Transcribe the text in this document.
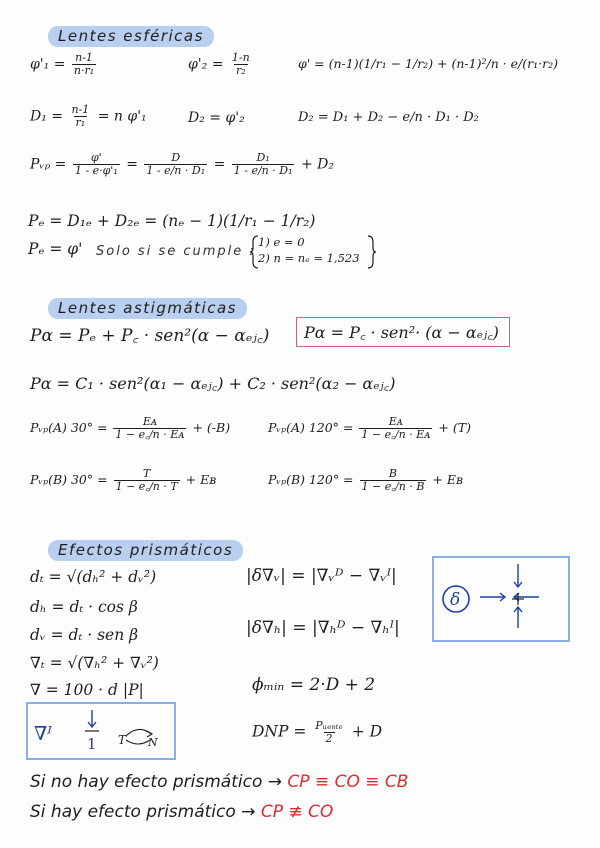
Lentes esféricas
$\varphi'_1 = \frac{n-1}{\text{n·r₁}}$	$\varphi'_2 = \frac{1-n}{\text{r₂}}$	φ' = (n-1)(1/r₁ − 1/r₂) + (n-1)²/n · e/(r₁·r₂)
$D_1 = \frac{n-1}{\text{r₁}} = n$ φ'₁	D₂ = φ'₂	D₂ = D₁ + D₂ − e/n · D₁ · D₂
Pᵥₚ = $\frac{\varphi'}{\text{1 - e·φ'₁}} = \frac{D}{\text{1 - e/n · D₁}} = \frac{\text{D₁}}{\text{1 - e/n · D₁}} + D_2$
Pₑ = D₁ₑ + D₂ₑ = (nₑ − 1)(1/r₁ − 1/r₂)
Pₑ = φ' Solo si se cumple :
1) e = 0
2) n = nₑ = 1,523
Lentes astigmáticas
Pα = Pₑ + P꜀ · sen²(α − αₑⱼ꜀) Pα = P꜀ · sen²· (α − αₑⱼ꜀)
Pα = C₁ · sen²(α₁ − αₑⱼ꜀) + C₂ · sen²(α₂ − αₑⱼ꜀)
Pᵥₚ(A) $30^\circ = \frac{\text{Eᴀ}}{\text{1 − e꜀/n · Eᴀ}} + (-B)$	Pᵥₚ(A) $120^\circ = \frac{\text{Eᴀ}}{\text{1 − e꜀/n · Eᴀ}} + (T)$
Pᵥₚ(B) $30^\circ = \frac{T}{1 - e꜀/n \cdot T}$ + Eʙ	Pᵥₚ(B) $120^\circ = \frac{B}{1 - e꜀/n \cdot B}$ + Eʙ
Efectos prismáticos
dₜ = √(dₕ² + dᵥ²)
dₕ = dₜ · cos β
dᵥ = dₜ · sen β
∇ₜ = √(∇ₕ² + ∇ᵥ²)
∇ = 100 · d |P|
|δ∇ᵥ| = |∇ᵥᴰ − ∇ᵥᴵ|
|δ∇ₕ| = |∇ₕᴰ − ∇ₕᴵ|
ϕₘᵢₙ = 2·D + 2
DNP = $\frac{\text{Pᵤₑₙₜₑ}}{2} + D$
δ
∇ᴵ 1 T N
Si no hay efecto prismático → CP ≡ CO ≡ CB
Si hay efecto prismático → CP ≢ CO
